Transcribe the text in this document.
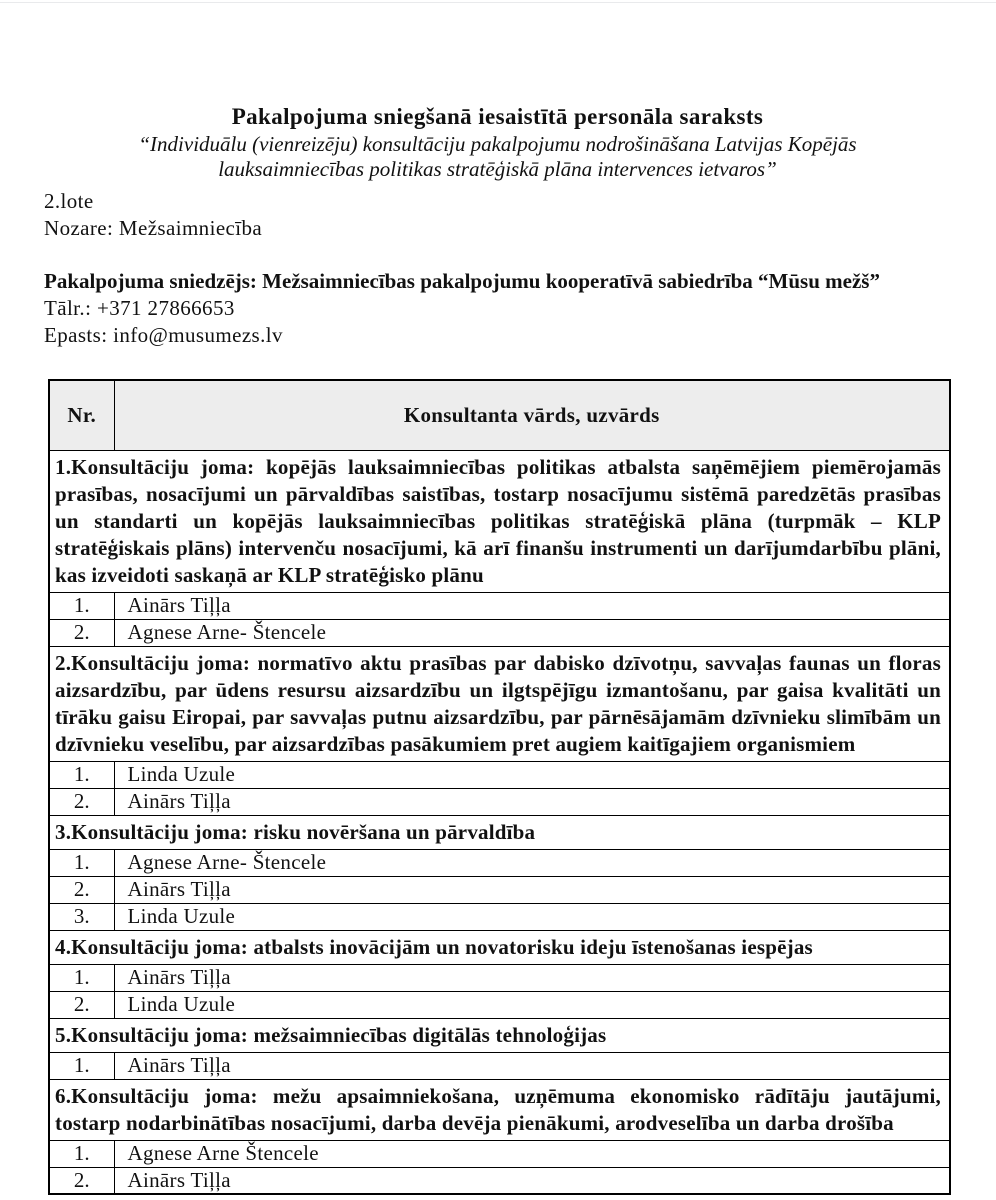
Pakalpojuma sniegšanā iesaistītā personāla saraksts

“Individuālu (vienreizēju) konsultāciju pakalpojumu nodrošināšana Latvijas Kopējās lauksaimniecības politikas stratēģiskā plāna intervences ietvaros”

2.lote
Nozare: Mežsaimniecība
Pakalpojuma sniedzējs: Mežsaimniecības pakalpojumu kooperatīvā sabiedrība “Mūsu mežš”
Tālr.: +371 27866653
Epasts: info@musumezs.lv
Nr.	Konsultanta vārds, uzvārds
1.Konsultāciju joma: kopējās lauksaimniecības politikas atbalsta saņēmējiem piemērojamās prasības, nosacījumi un pārvaldības saistības, tostarp nosacījumu sistēmā paredzētās prasības un standarti un kopējās lauksaimniecības politikas stratēģiskā plāna (turpmāk – KLP stratēģiskais plāns) intervenču nosacījumi, kā arī finanšu instrumenti un darījumdarbību plāni, kas izveidoti saskaņā ar KLP stratēģisko plānu	
1.	Ainārs Tiļļa
2.	Agnese Arne- Štencele
2.Konsultāciju joma: normatīvo aktu prasības par dabisko dzīvotņu, savvaļas faunas un floras aizsardzību, par ūdens resursu aizsardzību un ilgtspējīgu izmantošanu, par gaisa kvalitāti un tīrāku gaisu Eiropai, par savvaļas putnu aizsardzību, par pārnēsājamām dzīvnieku slimībām un dzīvnieku veselību, par aizsardzības pasākumiem pret augiem kaitīgajiem organismiem	
1.	Linda Uzule
2.	Ainārs Tiļļa
3.Konsultāciju joma: risku novēršana un pārvaldība	
1.	Agnese Arne- Štencele
2.	Ainārs Tiļļa
3.	Linda Uzule
4.Konsultāciju joma: atbalsts inovācijām un novatorisku ideju īstenošanas iespējas	
1.	Ainārs Tiļļa
2.	Linda Uzule
5.Konsultāciju joma: mežsaimniecības digitālās tehnoloģijas	
1.	Ainārs Tiļļa
6.Konsultāciju joma: mežu apsaimniekošana, uzņēmuma ekonomisko rādītāju jautājumi, tostarp nodarbinātības nosacījumi, darba devēja pienākumi, arodveselība un darba drošība	
1.	Agnese Arne Štencele
2.	Ainārs Tiļļa
